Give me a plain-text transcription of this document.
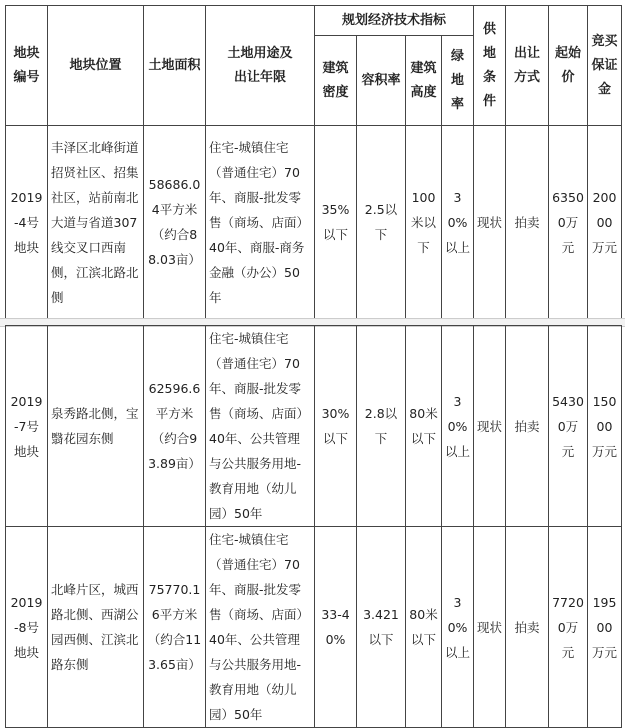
地块编号	地块位置	土地面积	土地用途及出让年限	规划经济技术指标				供地条件	出让方式	起始价	竞买保证金
				建筑密度	容积率	建筑高度	绿地率				
2019-4号地块	丰泽区北峰街道招贤社区、招集社区，站前南北大道与省道307线交叉口西南侧，江滨北路北侧	58686.04平方米（约合88.03亩）	住宅-城镇住宅（普通住宅）70年、商服-批发零售（商场、店面）40年、商服-商务金融（办公）50年	35%以下	2.5以下	100米以下	30%以上	现状	拍卖	63500万元	20000万元
2019-7号地块	泉秀路北侧，宝翳花园东侧	62596.6平方米（约合93.89亩）	住宅-城镇住宅（普通住宅）70年、商服-批发零售（商场、店面）40年、公共管理与公共服务用地-教育用地（幼儿园）50年	30%以下	2.8以下	80米以下	30%以上	现状	拍卖	54300万元	15000万元
2019-8号地块	北峰片区，城西路北侧、西湖公园西侧、江滨北路东侧	75770.16平方米（约合113.65亩）	住宅-城镇住宅（普通住宅）70年、商服-批发零售（商场、店面）40年、公共管理与公共服务用地-教育用地（幼儿园）50年	33-40%	3.421以下	80米以下	30%以上	现状	拍卖	77200万元	19500万元
